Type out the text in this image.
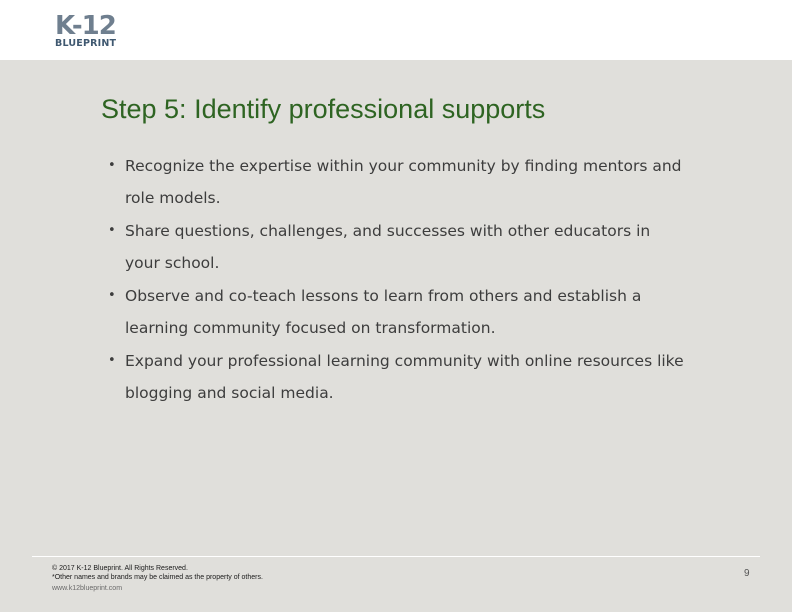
K-12
BLUEPRINT
Step 5: Identify professional supports
• Recognize the expertise within your community by finding mentors and role models.
• Share questions, challenges, and successes with other educators in your school.
• Observe and co-teach lessons to learn from others and establish a learning community focused on transformation.
• Expand your professional learning community with online resources like blogging and social media.
© 2017 K-12 Blueprint. All Rights Reserved.
*Other names and brands may be claimed as the property of others.
www.k12blueprint.com
9
